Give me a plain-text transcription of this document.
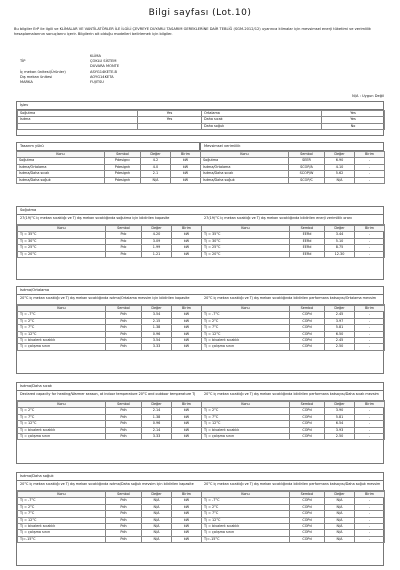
Bilgi sayfası (Lot.10)
Bu bilgiler ErP ile ilgili ve KLİMALAR VE VANTİLATÖRLER İLE İLGİLİ ÇEVREYE DUYARLI TASARIM GEREKLERİNE DAİR TEBLİĞ (SGM-2012/12) uyarınca klimalar için mevsimsel enerji tüketimi ve verimlilik hesaplamalarının sonuçlarını içerir. Bilgilerin ait olduğu modelleri belirlemek için bilgiler.
KLİMA
TİP	ÇOKLU SİSTEM
DUVARA MONTE
İç mekan ünitesi(Ürünler)	ASYG14KETE-B
Dış mekan ünitesi	AOYG14KETA
MARKA	FUJITSU
N/A : Uygun Değil
İşlev
Soğutma	Yes
Isıtma	Yes

Ortalama	Yes
Daha sıcak	Yes
Daha soğuk	No
Tasarım yükü
Konu	Sembol	Değer	Birim
Soğutma	Pdesignc	4.2	kW
Isıtma/Ortalama	Pdesignh	4.0	kW
Isıtma/Daha sıcak	Pdesignh	2.1	kW
Isıtma/Daha soğuk	Pdesignh	N/A	kW
Mevsimsel verimlilik
Konu	Sembol	Değer	Birim
Soğutma	SEER	6.90	-
Isıtma/Ortalama	SCOP/A	4.10	-
Isıtma/Daha sıcak	SCOP/W	5.62	-
Isıtma/Daha soğuk	SCOP/C	N/A	-
Soğutma
27(19)°C iç mekan sıcaklığı ve Tj dış mekan sıcaklığında soğutma için bildirilen kapasite
Konu	Sembol	Değer	Birim
Tj = 35°C	Pdc	4.20	kW
Tj = 30°C	Pdc	3.09	kW
Tj = 25°C	Pdc	1.99	kW
Tj = 20°C	Pdc	1.21	kW
27(19)°C iç mekan sıcaklığı ve Tj dış mekan sıcaklığında bildirilen enerji verimlilik oranı
Konu	Sembol	Değer	Birim
Tj = 35°C	EERd	3.44	-
Tj = 30°C	EERd	5.10	-
Tj = 25°C	EERd	8.75	-
Tj = 20°C	EERd	12.30	-
Isıtma/Ortalama
20°C iç mekan sıcaklığı ve Tj dış mekan sıcaklığında ısıtma/Ortalama mevsim için bildirilen kapasite
Konu	Sembol	Değer	Birim
Tj = -7°C	Pdh	3.54	kW
Tj = 2°C	Pdh	2.15	kW
Tj = 7°C	Pdh	1.38	kW
Tj = 12°C	Pdh	0.96	kW
Tj = bivalent sıcaklık	Pdh	3.54	kW
Tj = çalışma sınırı	Pdh	3.33	kW
20°C iç mekan sıcaklığı ve Tj dış mekan sıcaklığında bildirilen performans katsayısı/Ortalama mevsim
Konu	Sembol	Değer	Birim
Tj = -7°C	COPd	2.45	-
Tj = 2°C	COPd	3.97	-
Tj = 7°C	COPd	5.81	-
Tj = 12°C	COPd	6.50	-
Tj = bivalent sıcaklık	COPd	2.45	-
Tj = çalışma sınırı	COPd	2.50	-
Isıtma/Daha sıcak
Declared capacity for heating/Warmer season, at indoor temperature 20°C and outdoor temperature Tj
Konu	Sembol	Değer	Birim
Tj = 2°C	Pdh	2.14	kW
Tj = 7°C	Pdh	1.38	kW
Tj = 12°C	Pdh	0.96	kW
Tj = bivalent sıcaklık	Pdh	2.14	kW
Tj = çalışma sınırı	Pdh	3.33	kW
20°C iç mekan sıcaklığı ve Tj dış mekan sıcaklığında bildirilen performans katsayısı/Daha sıcak mevsim
Konu	Sembol	Değer	Birim
Tj = 2°C	COPd	3.90	-
Tj = 7°C	COPd	5.81	-
Tj = 12°C	COPd	6.54	-
Tj = bivalent sıcaklık	COPd	3.93	-
Tj = çalışma sınırı	COPd	2.50	-
Isıtma/Daha soğuk
20°C iç mekan sıcaklığı ve Tj dış mekan sıcaklığında ısıtma/Daha soğuk mevsim için bildirilen kapasite
Konu	Sembol	Değer	Birim
Tj = -7°C	Pdh	N/A	kW
Tj = 2°C	Pdh	N/A	kW
Tj = 7°C	Pdh	N/A	kW
Tj = 12°C	Pdh	N/A	kW
Tj = bivalent sıcaklık	Pdh	N/A	kW
Tj = çalışma sınırı	Pdh	N/A	kW
Tj=-15°C	Pdh	N/A	kW
20°C iç mekan sıcaklığı ve Tj dış mekan sıcaklığında bildirilen performans katsayısı/Daha soğuk mevsim
Konu	Sembol	Değer	Birim
Tj = -7°C	COPd	N/A	-
Tj = 2°C	COPd	N/A	-
Tj = 7°C	COPd	N/A	-
Tj = 12°C	COPd	N/A	-
Tj = bivalent sıcaklık	COPd	N/A	-
Tj = çalışma sınırı	COPd	N/A	-
Tj=-15°C	COPd	N/A	-
